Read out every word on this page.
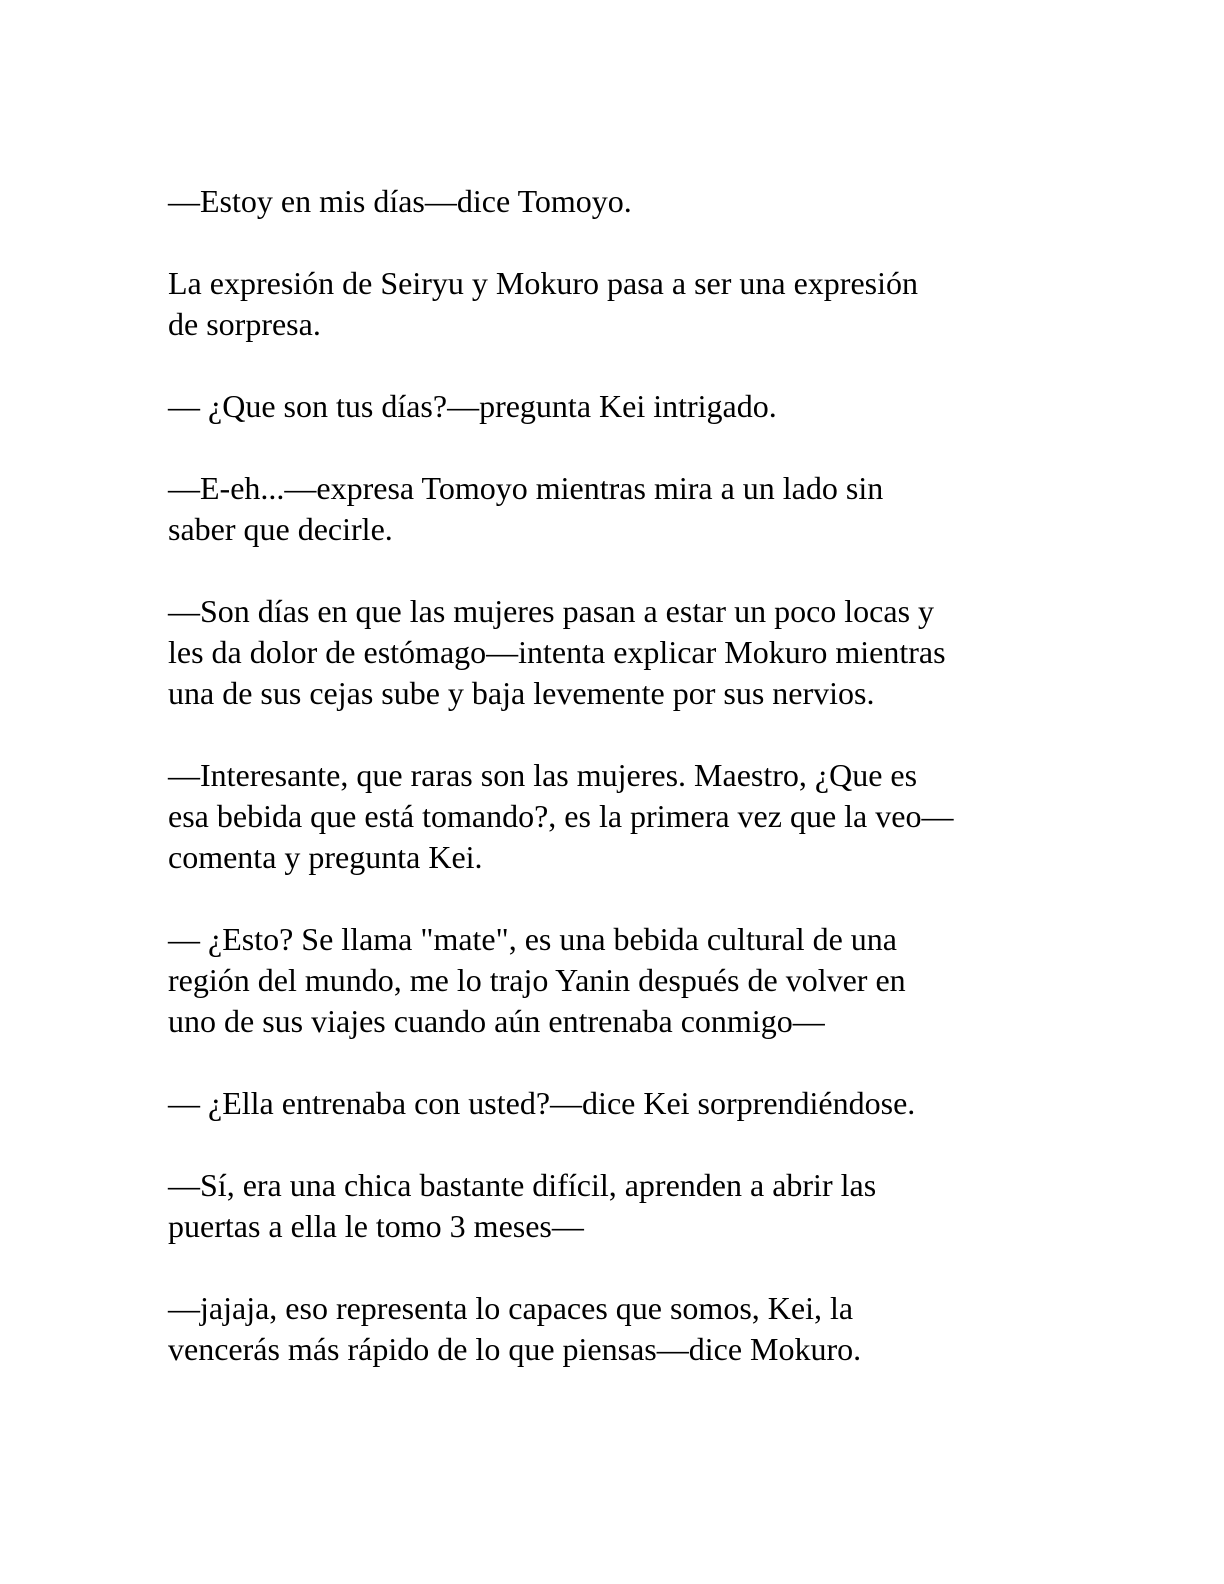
—Estoy en mis días—dice Tomoyo.

La expresión de Seiryu y Mokuro pasa a ser una expresión
de sorpresa.

— ¿Que son tus días?—pregunta Kei intrigado.

—E-eh...—expresa Tomoyo mientras mira a un lado sin
saber que decirle.

—Son días en que las mujeres pasan a estar un poco locas y
les da dolor de estómago—intenta explicar Mokuro mientras
una de sus cejas sube y baja levemente por sus nervios.

—Interesante, que raras son las mujeres. Maestro, ¿Que es
esa bebida que está tomando?, es la primera vez que la veo—
comenta y pregunta Kei.

— ¿Esto? Se llama "mate", es una bebida cultural de una
región del mundo, me lo trajo Yanin después de volver en
uno de sus viajes cuando aún entrenaba conmigo—

— ¿Ella entrenaba con usted?—dice Kei sorprendiéndose.

—Sí, era una chica bastante difícil, aprenden a abrir las
puertas a ella le tomo 3 meses—

—jajaja, eso representa lo capaces que somos, Kei, la
vencerás más rápido de lo que piensas—dice Mokuro.
